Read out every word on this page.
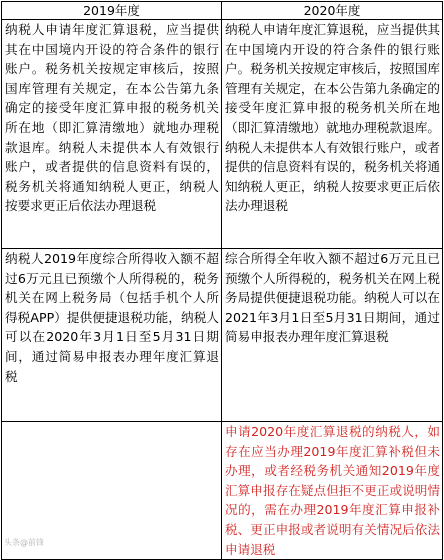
2019年度	2020年度
纳税人申请年度汇算退税，应当提供其在中国境内开设的符合条件的银行账户。税务机关按规定审核后，按照国库管理有关规定，在本公告第九条确定的接受年度汇算申报的税务机关所在地（即汇算清缴地）就地办理税款退库。纳税人未提供本人有效银行账户，或者提供的信息资料有误的，税务机关将通知纳税人更正，纳税人按要求更正后依法办理退税	纳税人申请年度汇算退税，应当提供其在中国境内开设的符合条件的银行账户。税务机关按规定审核后，按照国库管理有关规定，在本公告第九条确定的接受年度汇算申报的税务机关所在地（即汇算清缴地）就地办理税款退库。纳税人未提供本人有效银行账户，或者提供的信息资料有误的，税务机关将通知纳税人更正，纳税人按要求更正后依法办理退税
纳税人2019年度综合所得收入额不超过6万元且已预缴个人所得税的，税务机关在网上税务局（包括手机个人所得税APP）提供便捷退税功能，纳税人可以在2020年3月1日至5月31日期间，通过简易申报表办理年度汇算退税	综合所得全年收入额不超过6万元且已预缴个人所得税的，税务机关在网上税务局提供便捷退税功能。纳税人可以在2021年3月1日至5月31日期间，通过简易申报表办理年度汇算退税
	申请2020年度汇算退税的纳税人，如存在应当办理2019年度汇算补税但未办理，或者经税务机关通知2019年度汇算申报存在疑点但拒不更正或说明情况的，需在办理2019年度汇算申报补税、更正申报或者说明有关情况后依法申请退税
头条@前锋
